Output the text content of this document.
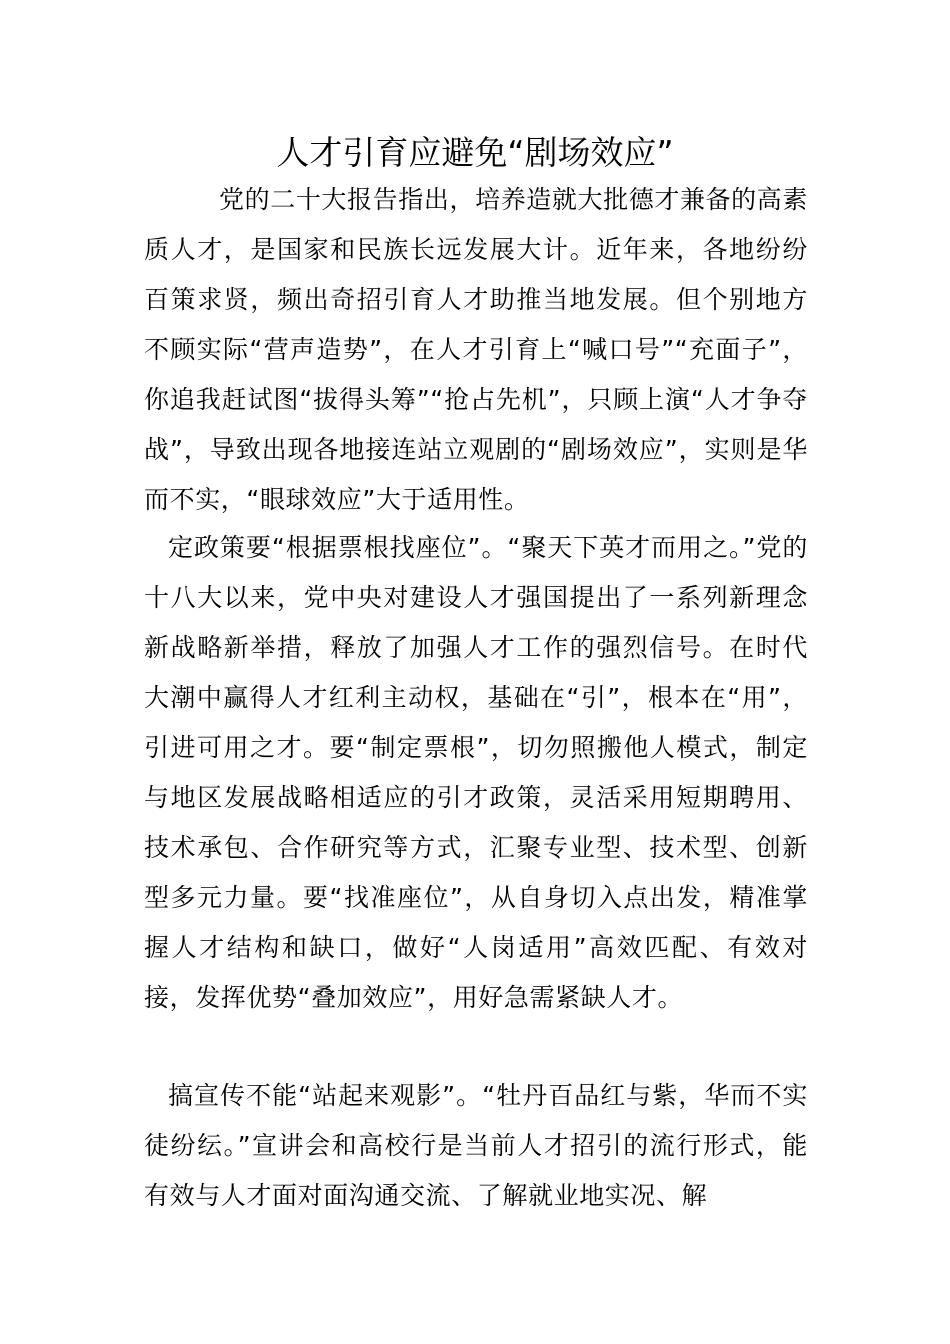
人才引育应避免“剧场效应”

党的二十大报告指出，培养造就大批德才兼备的高素质人才，是国家和民族长远发展大计。近年来，各地纷纷百策求贤，频出奇招引育人才助推当地发展。但个别地方不顾实际“营声造势”，在人才引育上“喊口号”“充面子”，你追我赶试图“拔得头筹”“抢占先机”，只顾上演“人才争夺战”，导致出现各地接连站立观剧的“剧场效应”，实则是华而不实，“眼球效应”大于适用性。

定政策要“根据票根找座位”。“聚天下英才而用之。”党的十八大以来，党中央对建设人才强国提出了一系列新理念新战略新举措，释放了加强人才工作的强烈信号。在时代大潮中赢得人才红利主动权，基础在“引”，根本在“用”，引进可用之才。要“制定票根”，切勿照搬他人模式，制定与地区发展战略相适应的引才政策，灵活采用短期聘用、技术承包、合作研究等方式，汇聚专业型、技术型、创新型多元力量。要“找准座位”，从自身切入点出发，精准掌握人才结构和缺口，做好“人岗适用”高效匹配、有效对接，发挥优势“叠加效应”，用好急需紧缺人才。

搞宣传不能“站起来观影”。“牡丹百品红与紫，华而不实徒纷纭。”宣讲会和高校行是当前人才招引的流行形式，能有效与人才面对面沟通交流、了解就业地实况、解
